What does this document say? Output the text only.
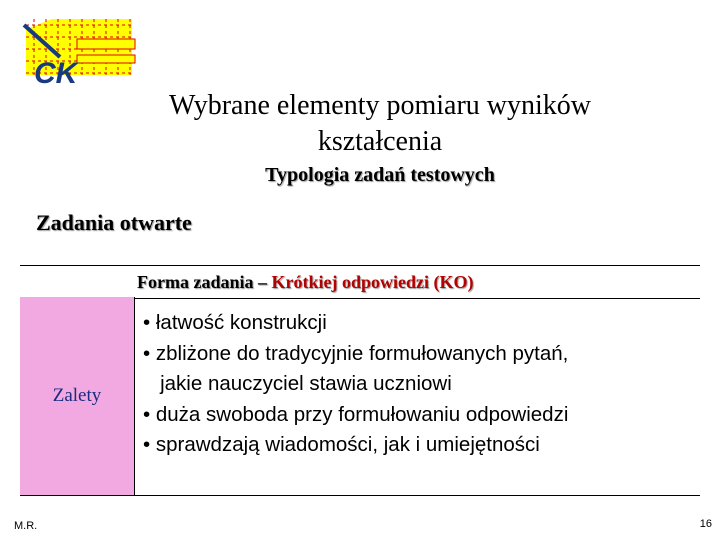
CK
Wybrane elementy pomiaru wyników
kształcenia
Typologia zadań testowych
Zadania otwarte
Forma zadania – Krótkiej odpowiedzi (KO)
Zalety
• łatwość konstrukcji
• zbliżone do tradycyjnie formułowanych pytań,
jakie nauczyciel stawia uczniowi
• duża swoboda przy formułowaniu odpowiedzi
• sprawdzają wiadomości, jak i umiejętności
M.R.	16
